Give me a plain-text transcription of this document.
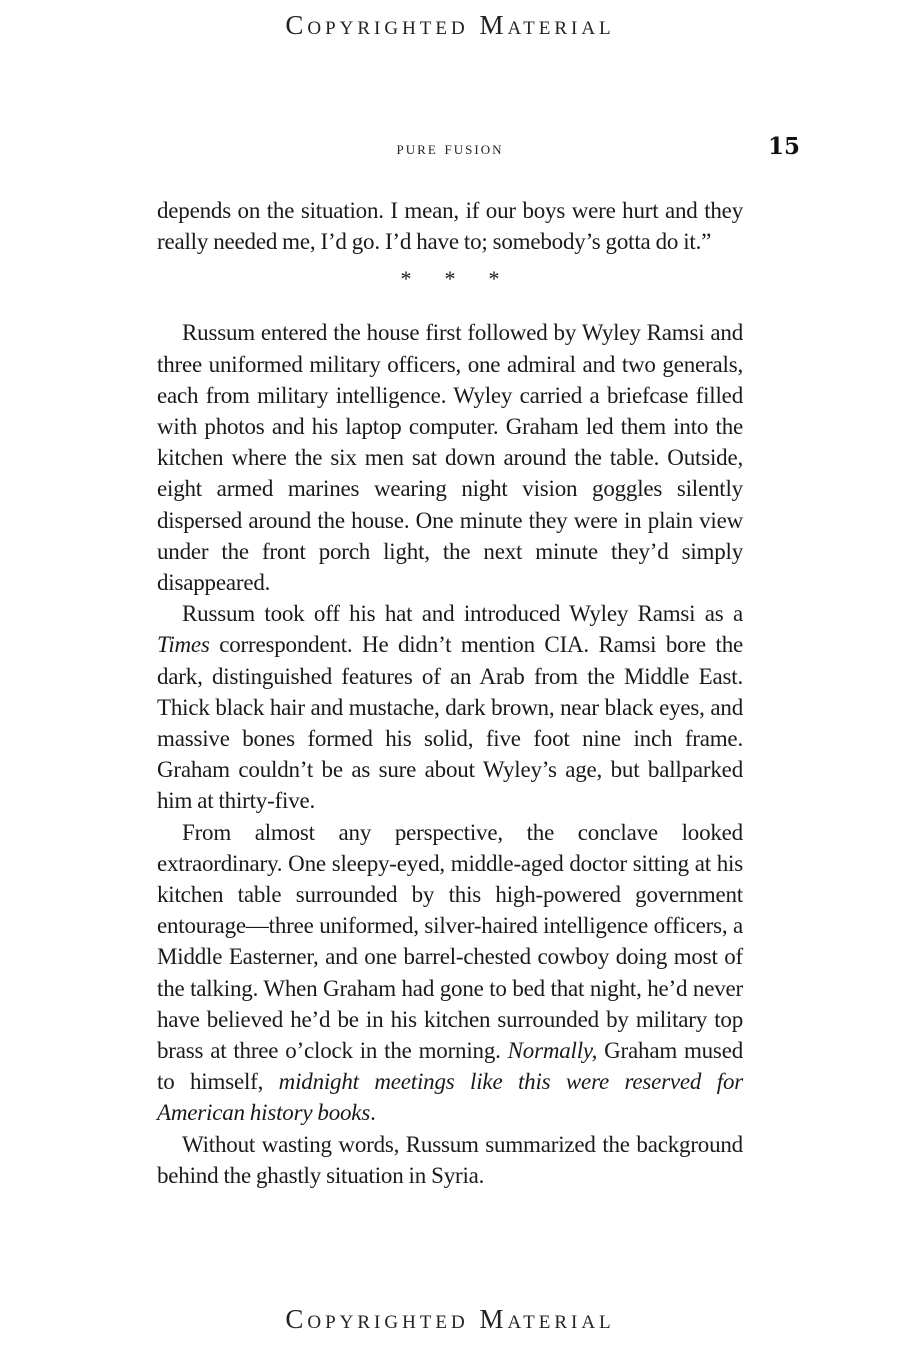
Copyrighted Material
pure fusion	15

depends on the situation. I mean, if our boys were hurt and they really needed me, I’d go. I’d have to; somebody’s gotta do it.”

* * *

Russum entered the house first followed by Wyley Ramsi and three uniformed military officers, one admiral and two generals, each from military intelligence. Wyley carried a briefcase filled with photos and his laptop computer. Graham led them into the kitchen where the six men sat down around the table. Outside, eight armed marines wearing night vision goggles silently dispersed around the house. One minute they were in plain view under the front porch light, the next minute they’d simply disappeared.

Russum took off his hat and introduced Wyley Ramsi as a Times correspondent. He didn’t mention CIA. Ramsi bore the dark, distinguished features of an Arab from the Middle East. Thick black hair and mustache, dark brown, near black eyes, and massive bones formed his solid, five foot nine inch frame. Graham couldn’t be as sure about Wyley’s age, but ballparked him at thirty-five.

From almost any perspective, the conclave looked extraordinary. One sleepy-eyed, middle-aged doctor sitting at his kitchen table surrounded by this high-powered government entourage—three uniformed, silver-haired intelligence officers, a Middle Easterner, and one barrel-chested cowboy doing most of the talking. When Graham had gone to bed that night, he’d never have believed he’d be in his kitchen surrounded by military top brass at three o’clock in the morning. Normally, Graham mused to himself, midnight meetings like this were reserved for American history books.

Without wasting words, Russum summarized the background behind the ghastly situation in Syria.

Copyrighted Material
